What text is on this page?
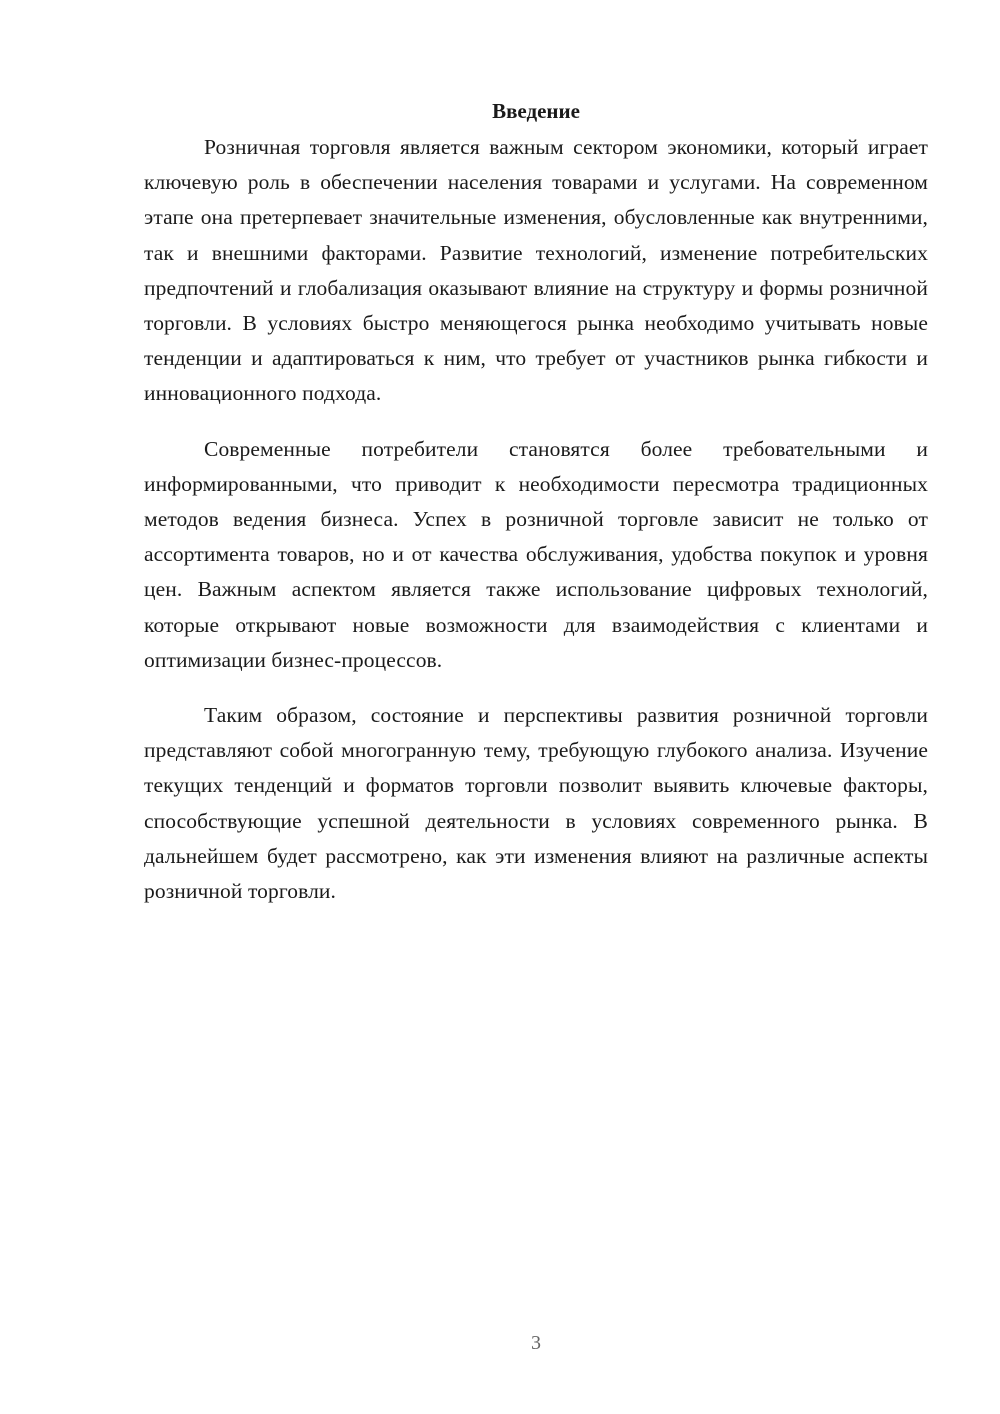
Введение

Розничная торговля является важным сектором экономики, который играет ключевую роль в обеспечении населения товарами и услугами. На современном этапе она претерпевает значительные изменения, обусловленные как внутренними, так и внешними факторами. Развитие технологий, изменение потребительских предпочтений и глобализация оказывают влияние на структуру и формы розничной торговли. В условиях быстро меняющегося рынка необходимо учитывать новые тенденции и адаптироваться к ним, что требует от участников рынка гибкости и инновационного подхода.

Современные потребители становятся более требовательными и информированными, что приводит к необходимости пересмотра традиционных методов ведения бизнеса. Успех в розничной торговле зависит не только от ассортимента товаров, но и от качества обслуживания, удобства покупок и уровня цен. Важным аспектом является также использование цифровых технологий, которые открывают новые возможности для взаимодействия с клиентами и оптимизации бизнес-процессов.

Таким образом, состояние и перспективы развития розничной торговли представляют собой многогранную тему, требующую глубокого анализа. Изучение текущих тенденций и форматов торговли позволит выявить ключевые факторы, способствующие успешной деятельности в условиях современного рынка. В дальнейшем будет рассмотрено, как эти изменения влияют на различные аспекты розничной торговли.

3
